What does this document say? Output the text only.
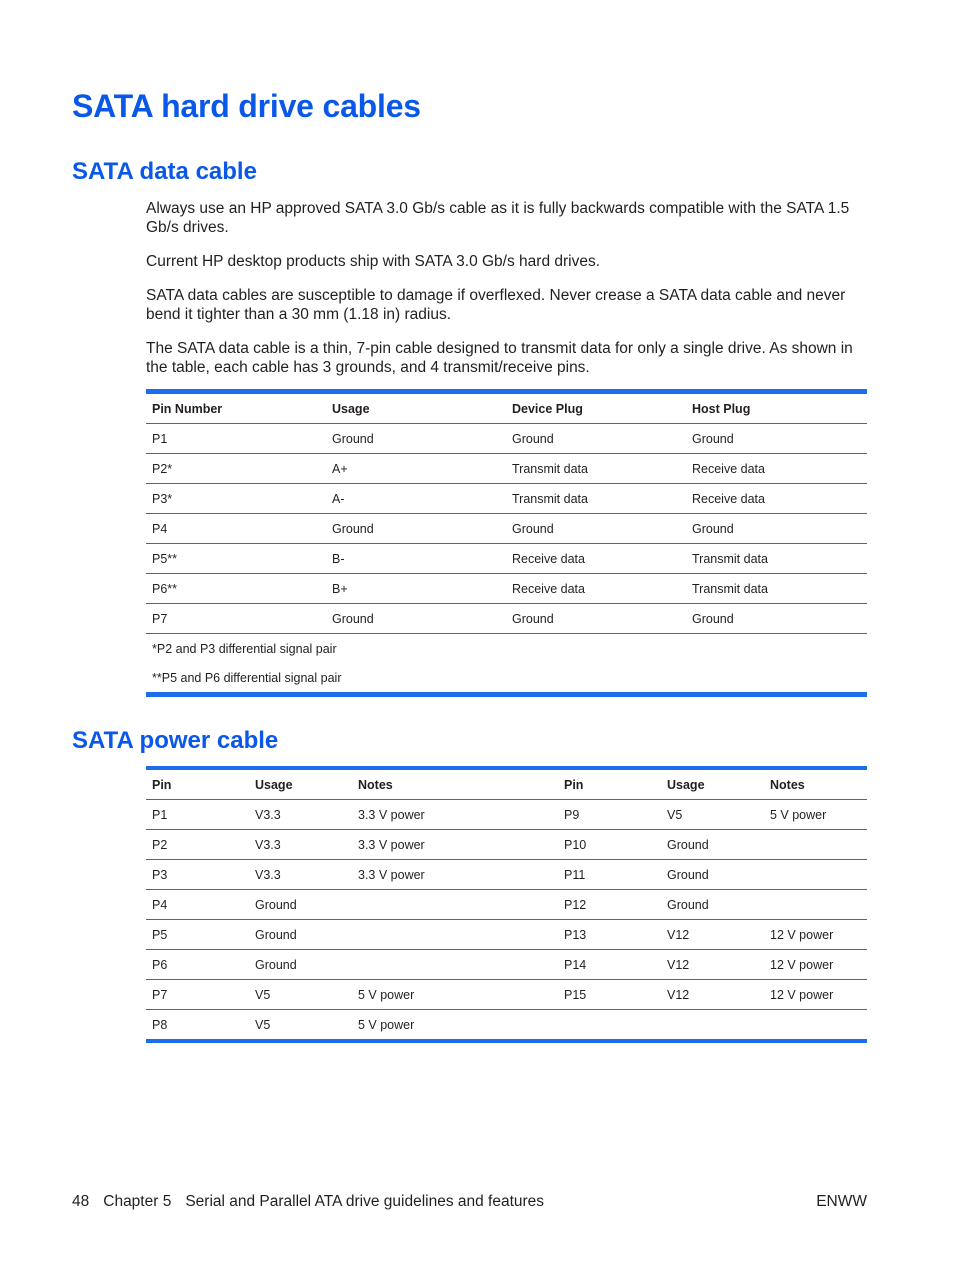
SATA hard drive cables
SATA data cable

Always use an HP approved SATA 3.0 Gb/s cable as it is fully backwards compatible with the SATA 1.5 Gb/s drives.

Current HP desktop products ship with SATA 3.0 Gb/s hard drives.

SATA data cables are susceptible to damage if overflexed. Never crease a SATA data cable and never bend it tighter than a 30 mm (1.18 in) radius.

The SATA data cable is a thin, 7-pin cable designed to transmit data for only a single drive. As shown in the table, each cable has 3 grounds, and 4 transmit/receive pins.

Pin Number	Usage	Device Plug	Host Plug
P1	Ground	Ground	Ground
P2*	A+	Transmit data	Receive data
P3*	A-	Transmit data	Receive data
P4	Ground	Ground	Ground
P5**	B-	Receive data	Transmit data
P6**	B+	Receive data	Transmit data
P7	Ground	Ground	Ground
*P2 and P3 differential signal pair			
**P5 and P6 differential signal pair			
SATA power cable
Pin	Usage	Notes	Pin	Usage	Notes
P1	V3.3	3.3 V power	P9	V5	5 V power
P2	V3.3	3.3 V power	P10	Ground	
P3	V3.3	3.3 V power	P11	Ground	
P4	Ground		P12	Ground	
P5	Ground		P13	V12	12 V power
P6	Ground		P14	V12	12 V power
P7	V5	5 V power	P15	V12	12 V power
P8	V5	5 V power			
48 Chapter 5 Serial and Parallel ATA drive guidelines and features	ENWW
